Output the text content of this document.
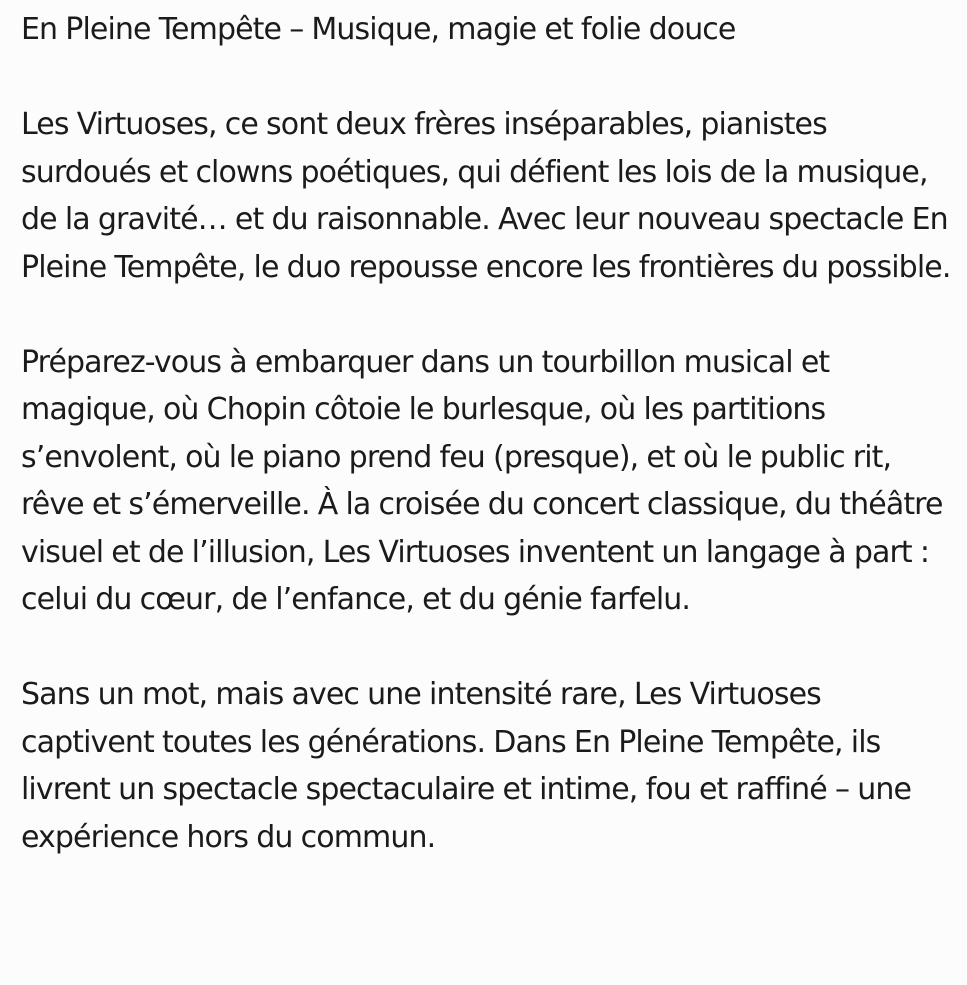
En Pleine Tempête – Musique, magie et folie douce

Les Virtuoses, ce sont deux frères inséparables, pianistes surdoués et clowns poétiques, qui défient les lois de la musique, de la gravité… et du raisonnable. Avec leur nouveau spectacle En Pleine Tempête, le duo repousse encore les frontières du possible.

Préparez-vous à embarquer dans un tourbillon musical et magique, où Chopin côtoie le burlesque, où les partitions s’envolent, où le piano prend feu (presque), et où le public rit, rêve et s’émerveille. À la croisée du concert classique, du théâtre visuel et de l’illusion, Les Virtuoses inventent un langage à part : celui du cœur, de l’enfance, et du génie farfelu.

Sans un mot, mais avec une intensité rare, Les Virtuoses captivent toutes les générations. Dans En Pleine Tempête, ils livrent un spectacle spectaculaire et intime, fou et raffiné – une expérience hors du commun.
